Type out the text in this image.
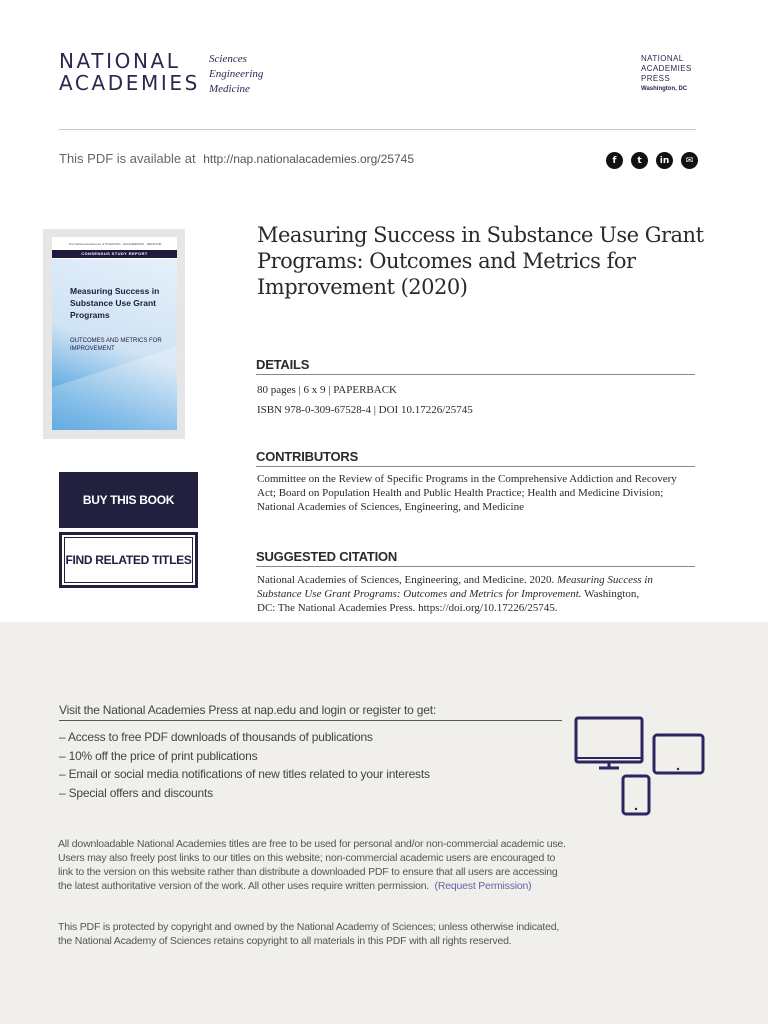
NATIONAL
ACADEMIES
Sciences
Engineering
Medicine
NATIONAL
ACADEMIES
PRESS
Washington, DC
This PDF is available at http://nap.nationalacademies.org/25745	f	t	in	✉
The National Academies of SCIENCES · ENGINEERING · MEDICINE
CONSENSUS STUDY REPORT
Measuring Success in Substance Use Grant Programs
OUTCOMES AND METRICS FOR IMPROVEMENT
BUY THIS BOOK
FIND RELATED TITLES
Measuring Success in Substance Use Grant Programs: Outcomes and Metrics for Improvement (2020)
DETAILS
80 pages | 6 x 9 | PAPERBACK
ISBN 978-0-309-67528-4 | DOI 10.17226/25745
CONTRIBUTORS
Committee on the Review of Specific Programs in the Comprehensive Addiction and Recovery Act; Board on Population Health and Public Health Practice; Health and Medicine Division; National Academies of Sciences, Engineering, and Medicine
SUGGESTED CITATION
National Academies of Sciences, Engineering, and Medicine. 2020. Measuring Success in Substance Use Grant Programs: Outcomes and Metrics for Improvement. Washington, DC: The National Academies Press. https://doi.org/10.17226/25745.
Visit the National Academies Press at nap.edu and login or register to get:
– Access to free PDF downloads of thousands of publications
– 10% off the price of print publications
– Email or social media notifications of new titles related to your interests
– Special offers and discounts
All downloadable National Academies titles are free to be used for personal and/or non-commercial academic use. Users may also freely post links to our titles on this website; non-commercial academic users are encouraged to link to the version on this website rather than distribute a downloaded PDF to ensure that all users are accessing the latest authoritative version of the work. All other uses require written permission. (Request Permission)
This PDF is protected by copyright and owned by the National Academy of Sciences; unless otherwise indicated, the National Academy of Sciences retains copyright to all materials in this PDF with all rights reserved.
